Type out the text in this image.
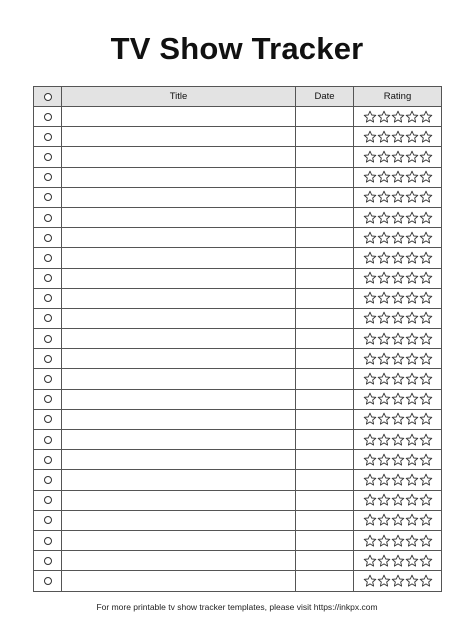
TV Show Tracker
	Title	Date	Rating

For more printable tv show tracker templates, please visit https://inkpx.com
